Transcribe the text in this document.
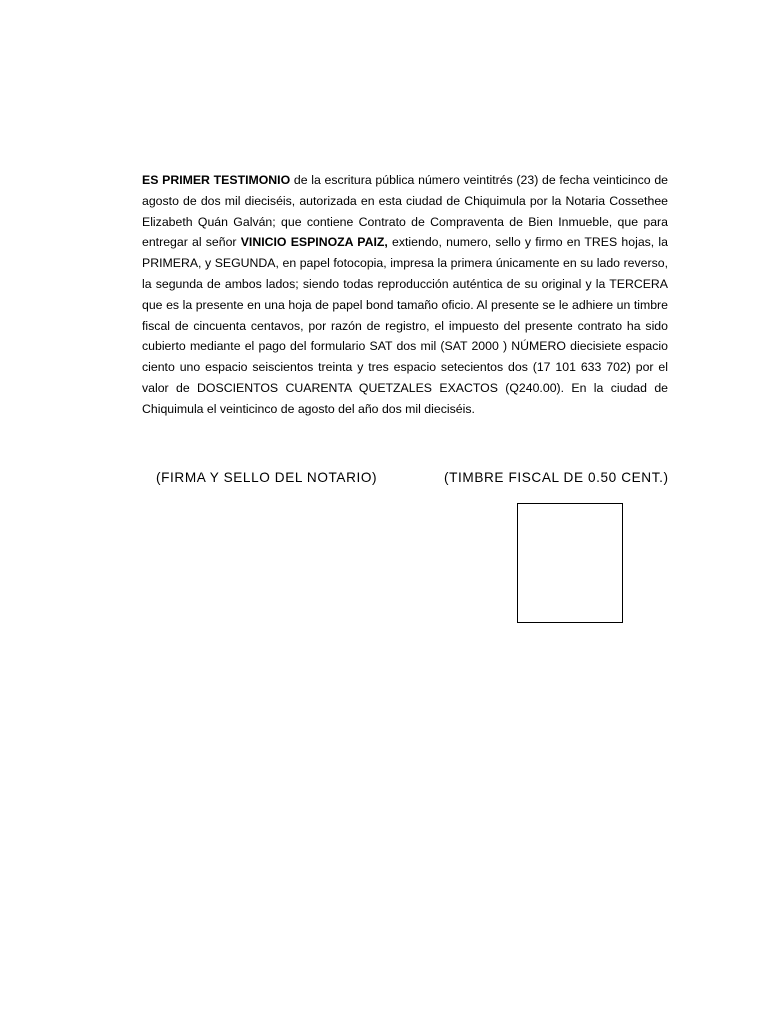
ES PRIMER TESTIMONIO de la escritura pública número veintitrés (23) de fecha veinticinco de agosto de dos mil dieciséis, autorizada en esta ciudad de Chiquimula por la Notaria Cossethee Elizabeth Quán Galván; que contiene Contrato de Compraventa de Bien Inmueble, que para entregar al señor VINICIO ESPINOZA PAIZ, extiendo, numero, sello y firmo en TRES hojas, la PRIMERA, y SEGUNDA, en papel fotocopia, impresa la primera únicamente en su lado reverso, la segunda de ambos lados; siendo todas reproducción auténtica de su original y la TERCERA que es la presente en una hoja de papel bond tamaño oficio. Al presente se le adhiere un timbre fiscal de cincuenta centavos, por razón de registro, el impuesto del presente contrato ha sido cubierto mediante el pago del formulario SAT dos mil (SAT 2000 ) NÚMERO diecisiete espacio ciento uno espacio seiscientos treinta y tres espacio setecientos dos (17 101 633 702) por el valor de DOSCIENTOS CUARENTA QUETZALES EXACTOS (Q240.00). En la ciudad de Chiquimula el veinticinco de agosto del año dos mil dieciséis.

(FIRMA Y SELLO DEL NOTARIO)	(TIMBRE FISCAL DE 0.50 CENT.)
